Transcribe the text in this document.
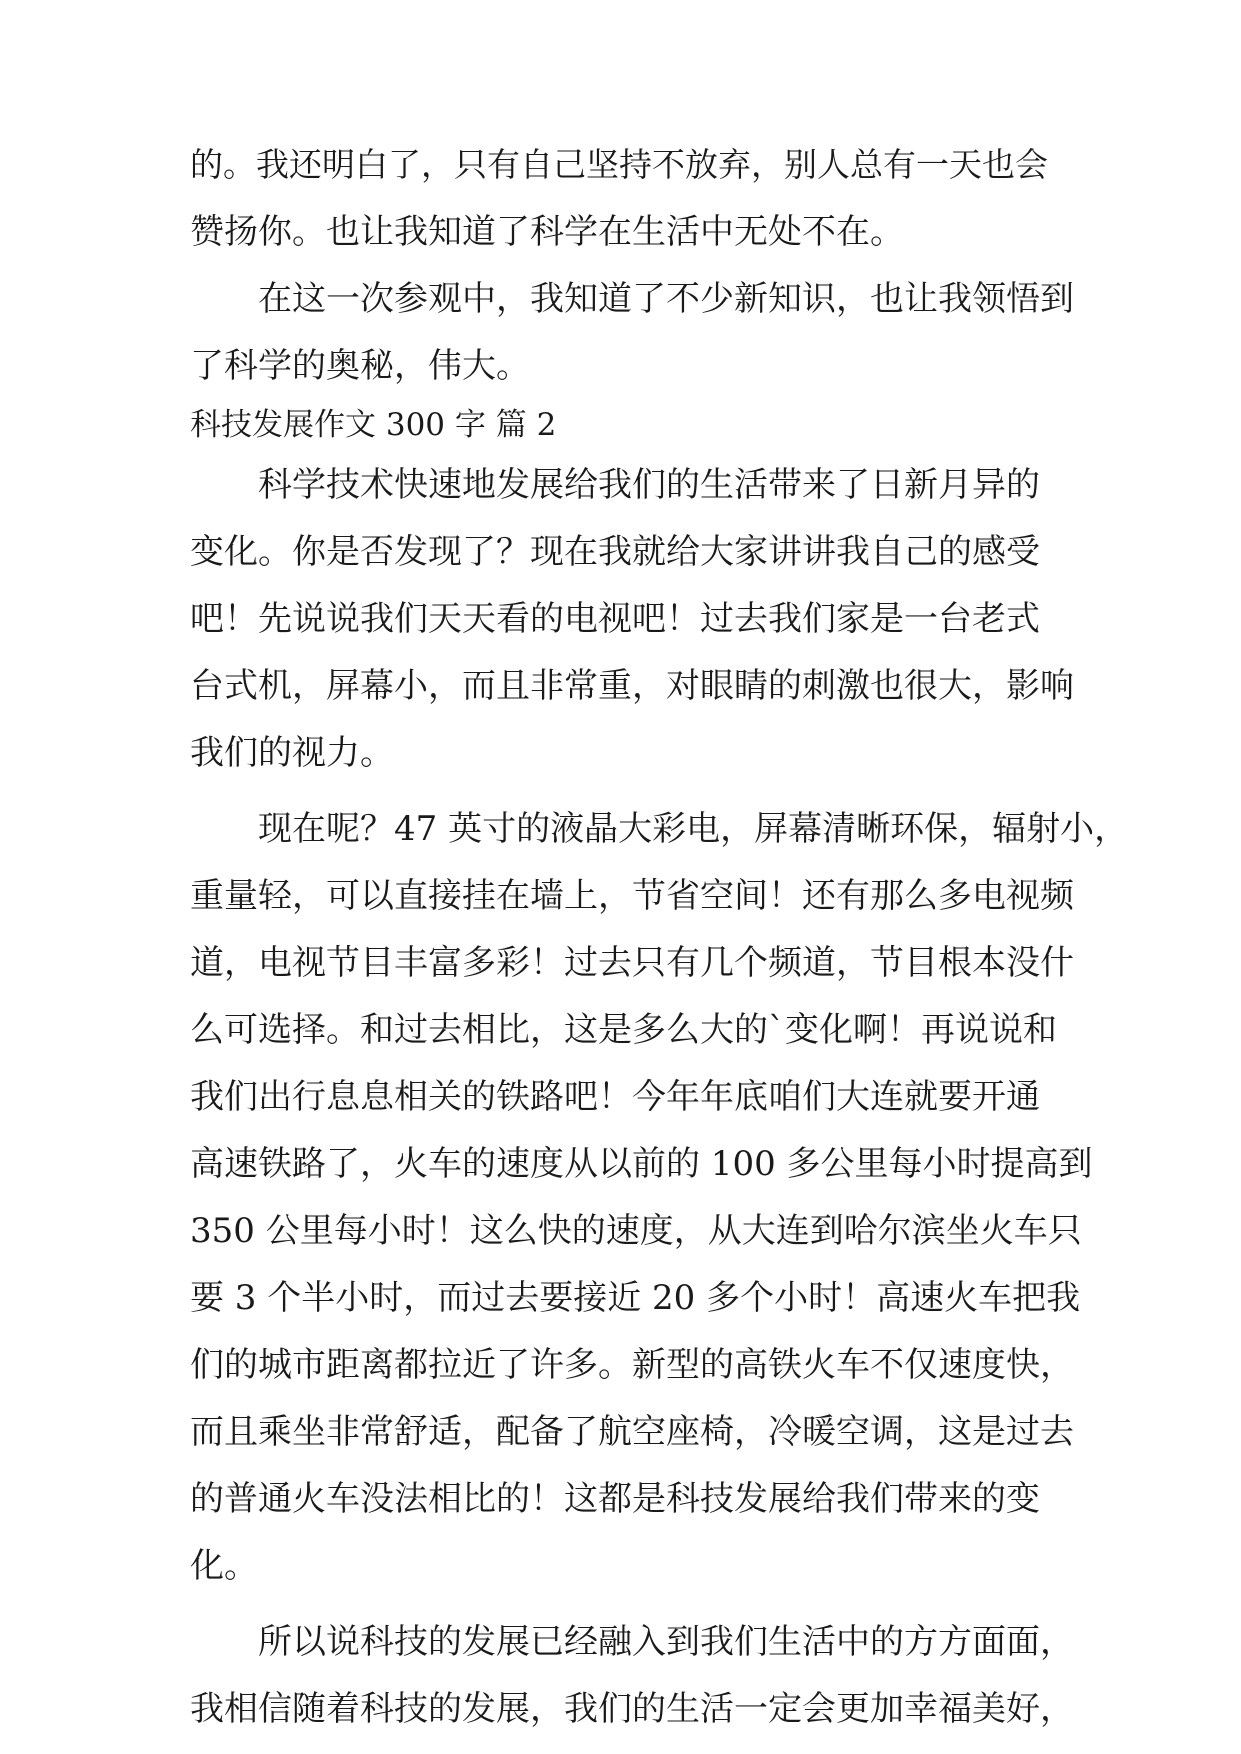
的。我还明白了，只有自己坚持不放弃，别人总有一天也会
赞扬你。也让我知道了科学在生活中无处不在。
在这一次参观中，我知道了不少新知识，也让我领悟到
了科学的奥秘，伟大。
科技发展作文 300 字 篇 2
科学技术快速地发展给我们的生活带来了日新月异的
变化。你是否发现了？现在我就给大家讲讲我自己的感受
吧！先说说我们天天看的电视吧！过去我们家是一台老式
台式机，屏幕小，而且非常重，对眼睛的刺激也很大，影响
我们的视力。
现在呢？47 英寸的液晶大彩电，屏幕清晰环保，辐射小，
重量轻，可以直接挂在墙上，节省空间！还有那么多电视频
道，电视节目丰富多彩！过去只有几个频道，节目根本没什
么可选择。和过去相比，这是多么大的`变化啊！再说说和
我们出行息息相关的铁路吧！今年年底咱们大连就要开通
高速铁路了，火车的速度从以前的 100 多公里每小时提高到
350 公里每小时！这么快的速度，从大连到哈尔滨坐火车只
要 3 个半小时，而过去要接近 20 多个小时！高速火车把我
们的城市距离都拉近了许多。新型的高铁火车不仅速度快，
而且乘坐非常舒适，配备了航空座椅，冷暖空调，这是过去
的普通火车没法相比的！这都是科技发展给我们带来的变
化。
所以说科技的发展已经融入到我们生活中的方方面面，
我相信随着科技的发展，我们的生活一定会更加幸福美好，
